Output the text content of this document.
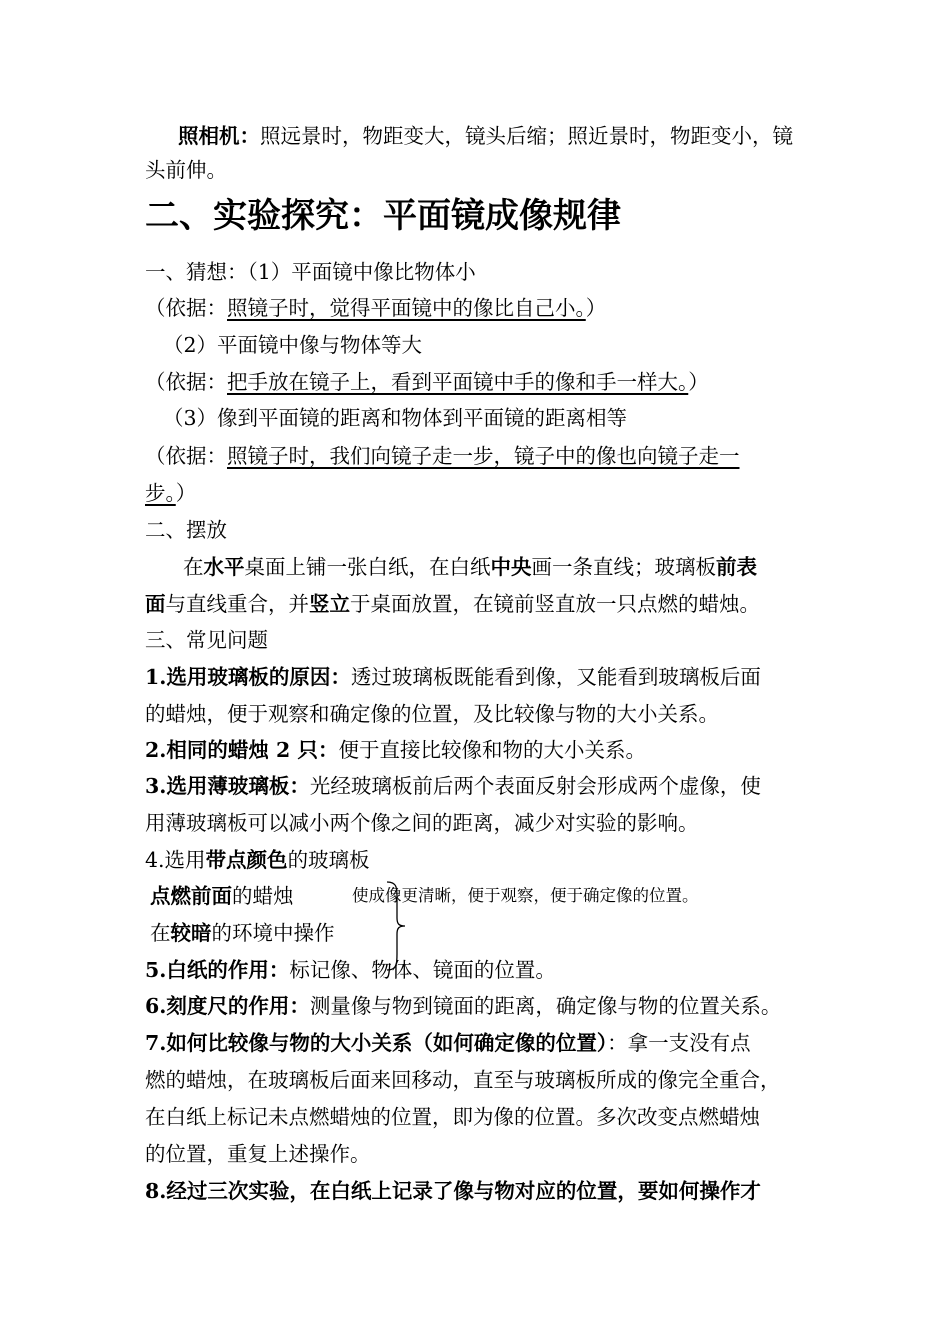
照相机：照远景时，物距变大，镜头后缩；照近景时，物距变小，镜

头前伸。

二、实验探究：平面镜成像规律

一、猜想：（1）平面镜中像比物体小

（依据：照镜子时，觉得平面镜中的像比自己小。）

（2）平面镜中像与物体等大

（依据：把手放在镜子上，看到平面镜中手的像和手一样大。）

（3）像到平面镜的距离和物体到平面镜的距离相等

（依据：照镜子时，我们向镜子走一步，镜子中的像也向镜子走一

步。）

二、摆放

在水平桌面上铺一张白纸，在白纸中央画一条直线；玻璃板前表

面与直线重合，并竖立于桌面放置，在镜前竖直放一只点燃的蜡烛。

三、常见问题

1.选用玻璃板的原因：透过玻璃板既能看到像，又能看到玻璃板后面

的蜡烛，便于观察和确定像的位置，及比较像与物的大小关系。

2.相同的蜡烛 2 只：便于直接比较像和物的大小关系。

3.选用薄玻璃板：光经玻璃板前后两个表面反射会形成两个虚像，使

用薄玻璃板可以减小两个像之间的距离，减少对实验的影响。

4.选用带点颜色的玻璃板

点燃前面的蜡烛

在较暗的环境中操作

使成像更清晰，便于观察，便于确定像的位置。

5.白纸的作用：标记像、物体、镜面的位置。

6.刻度尺的作用：测量像与物到镜面的距离，确定像与物的位置关系。

7.如何比较像与物的大小关系（如何确定像的位置）：拿一支没有点

燃的蜡烛，在玻璃板后面来回移动，直至与玻璃板所成的像完全重合，

在白纸上标记未点燃蜡烛的位置，即为像的位置。多次改变点燃蜡烛

的位置，重复上述操作。

8.经过三次实验，在白纸上记录了像与物对应的位置，要如何操作才
